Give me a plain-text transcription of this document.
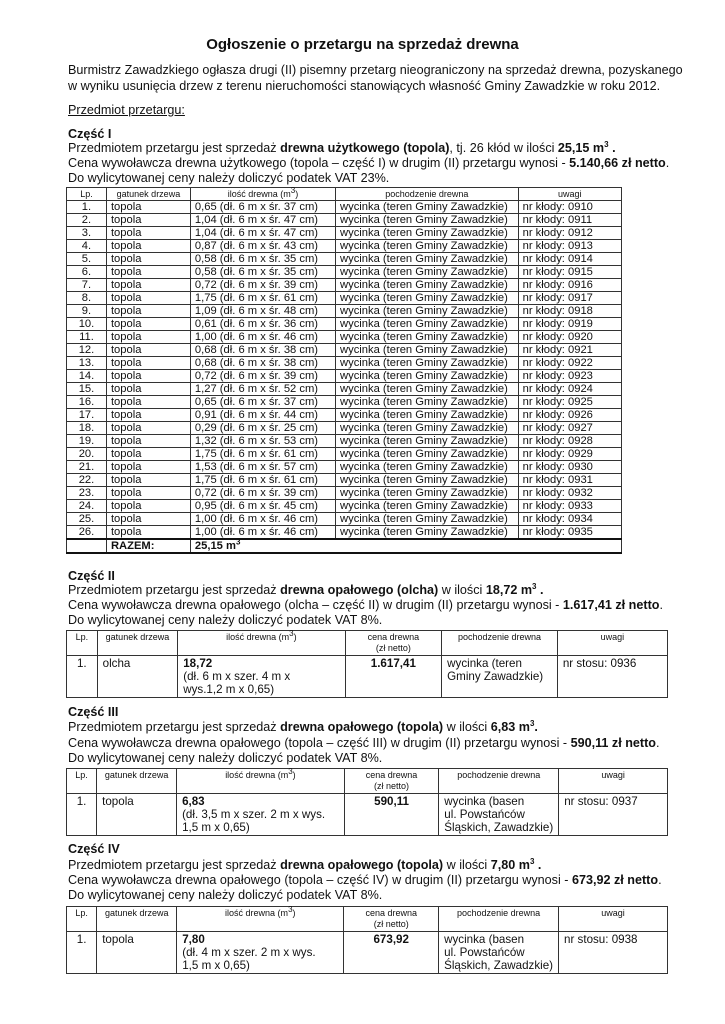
Ogłoszenie o przetargu na sprzedaż drewna
Burmistrz Zawadzkiego ogłasza drugi (II) pisemny przetarg nieograniczony na sprzedaż drewna, pozyskanego
w wyniku usunięcia drzew z terenu nieruchomości stanowiących własność Gminy Zawadzkie w roku 2012.
Przedmiot przetargu:
Część I
Przedmiotem przetargu jest sprzedaż drewna użytkowego (topola), tj. 26 kłód w ilości 25,15 $m^3$ .
Cena wywoławcza drewna użytkowego (topola – część I) w drugim (II) przetargu wynosi - 5.140,66 zł netto.
Do wylicytowanej ceny należy doliczyć podatek VAT 23%.
Lp.	gatunek drzewa	ilość drewna $(m^3)$	pochodzenie drewna	uwagi
1.	topola	0,65 (dł. 6 m x śr. 37 cm)	wycinka (teren Gminy Zawadzkie)	nr kłody: 0910
2.	topola	1,04 (dł. 6 m x śr. 47 cm)	wycinka (teren Gminy Zawadzkie)	nr kłody: 0911
3.	topola	1,04 (dł. 6 m x śr. 47 cm)	wycinka (teren Gminy Zawadzkie)	nr kłody: 0912
4.	topola	0,87 (dł. 6 m x śr. 43 cm)	wycinka (teren Gminy Zawadzkie)	nr kłody: 0913
5.	topola	0,58 (dł. 6 m x śr. 35 cm)	wycinka (teren Gminy Zawadzkie)	nr kłody: 0914
6.	topola	0,58 (dł. 6 m x śr. 35 cm)	wycinka (teren Gminy Zawadzkie)	nr kłody: 0915
7.	topola	0,72 (dł. 6 m x śr. 39 cm)	wycinka (teren Gminy Zawadzkie)	nr kłody: 0916
8.	topola	1,75 (dł. 6 m x śr. 61 cm)	wycinka (teren Gminy Zawadzkie)	nr kłody: 0917
9.	topola	1,09 (dł. 6 m x śr. 48 cm)	wycinka (teren Gminy Zawadzkie)	nr kłody: 0918
10.	topola	0,61 (dł. 6 m x śr. 36 cm)	wycinka (teren Gminy Zawadzkie)	nr kłody: 0919
11.	topola	1,00 (dł. 6 m x śr. 46 cm)	wycinka (teren Gminy Zawadzkie)	nr kłody: 0920
12.	topola	0,68 (dł. 6 m x śr. 38 cm)	wycinka (teren Gminy Zawadzkie)	nr kłody: 0921
13.	topola	0,68 (dł. 6 m x śr. 38 cm)	wycinka (teren Gminy Zawadzkie)	nr kłody: 0922
14.	topola	0,72 (dł. 6 m x śr. 39 cm)	wycinka (teren Gminy Zawadzkie)	nr kłody: 0923
15.	topola	1,27 (dł. 6 m x śr. 52 cm)	wycinka (teren Gminy Zawadzkie)	nr kłody: 0924
16.	topola	0,65 (dł. 6 m x śr. 37 cm)	wycinka (teren Gminy Zawadzkie)	nr kłody: 0925
17.	topola	0,91 (dł. 6 m x śr. 44 cm)	wycinka (teren Gminy Zawadzkie)	nr kłody: 0926
18.	topola	0,29 (dł. 6 m x śr. 25 cm)	wycinka (teren Gminy Zawadzkie)	nr kłody: 0927
19.	topola	1,32 (dł. 6 m x śr. 53 cm)	wycinka (teren Gminy Zawadzkie)	nr kłody: 0928
20.	topola	1,75 (dł. 6 m x śr. 61 cm)	wycinka (teren Gminy Zawadzkie)	nr kłody: 0929
21.	topola	1,53 (dł. 6 m x śr. 57 cm)	wycinka (teren Gminy Zawadzkie)	nr kłody: 0930
22.	topola	1,75 (dł. 6 m x śr. 61 cm)	wycinka (teren Gminy Zawadzkie)	nr kłody: 0931
23.	topola	0,72 (dł. 6 m x śr. 39 cm)	wycinka (teren Gminy Zawadzkie)	nr kłody: 0932
24.	topola	0,95 (dł. 6 m x śr. 45 cm)	wycinka (teren Gminy Zawadzkie)	nr kłody: 0933
25.	topola	1,00 (dł. 6 m x śr. 46 cm)	wycinka (teren Gminy Zawadzkie)	nr kłody: 0934
26.	topola	1,00 (dł. 6 m x śr. 46 cm)	wycinka (teren Gminy Zawadzkie)	nr kłody: 0935
	RAZEM:	25,15 $m^3$
Część II
Przedmiotem przetargu jest sprzedaż drewna opałowego (olcha) w ilości 18,72 $m^3$ .
Cena wywoławcza drewna opałowego (olcha – część II) w drugim (II) przetargu wynosi - 1.617,41 zł netto.
Do wylicytowanej ceny należy doliczyć podatek VAT 8%.
Lp.	gatunek drzewa	ilość drewna $(m^3)$	cena drewna
(zł netto)	pochodzenie drewna	uwagi
1.	olcha	18,72
(dł. 6 m x szer. 4 m x
wys.1,2 m x 0,65)	1.617,41	wycinka (teren
Gminy Zawadzkie)	nr stosu: 0936
Część III
Przedmiotem przetargu jest sprzedaż drewna opałowego (topola) w ilości 6,83 $m^3$.
Cena wywoławcza drewna opałowego (topola – część III) w drugim (II) przetargu wynosi - 590,11 zł netto.
Do wylicytowanej ceny należy doliczyć podatek VAT 8%.
Lp.	gatunek drzewa	ilość drewna $(m^3)$	cena drewna
(zł netto)	pochodzenie drewna	uwagi
1.	topola	6,83
(dł. 3,5 m x szer. 2 m x wys.
1,5 m x 0,65)	590,11	wycinka (basen
ul. Powstańców
Śląskich, Zawadzkie)	nr stosu: 0937
Część IV
Przedmiotem przetargu jest sprzedaż drewna opałowego (topola) w ilości 7,80 $m^3$ .
Cena wywoławcza drewna opałowego (topola – część IV) w drugim (II) przetargu wynosi - 673,92 zł netto.
Do wylicytowanej ceny należy doliczyć podatek VAT 8%.
Lp.	gatunek drzewa	ilość drewna $(m^3)$	cena drewna
(zł netto)	pochodzenie drewna	uwagi
1.	topola	7,80
(dł. 4 m x szer. 2 m x wys.
1,5 m x 0,65)	673,92	wycinka (basen
ul. Powstańców
Śląskich, Zawadzkie)	nr stosu: 0938
